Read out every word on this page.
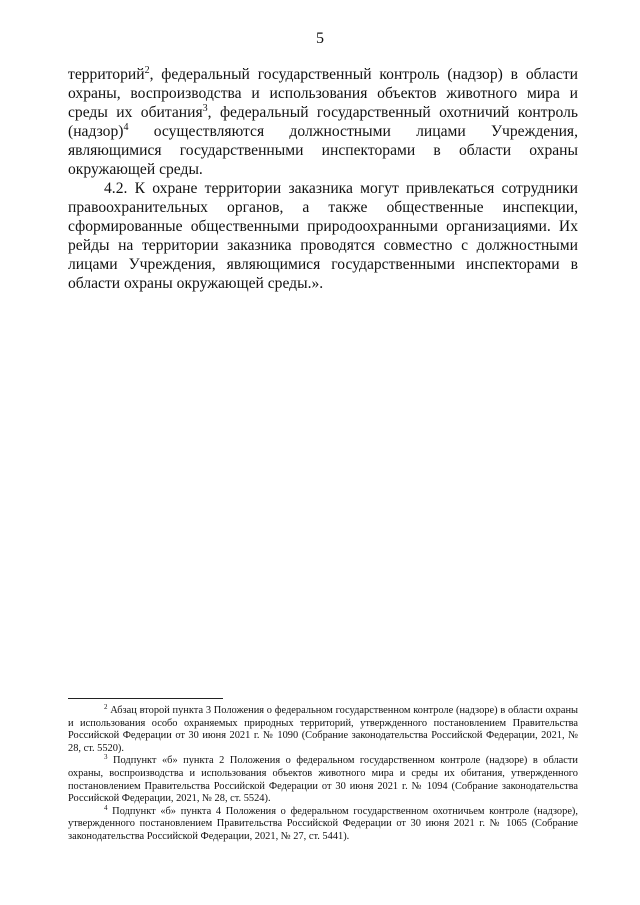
5

территорий$^2$, федеральный государственный контроль (надзор) в области охраны, воспроизводства и использования объектов животного мира и среды их обитания$^3$, федеральный государственный охотничий контроль (надзор)$^4$ осуществляются должностными лицами Учреждения, являющимися государственными инспекторами в области охраны окружающей среды.

4.2. К охране территории заказника могут привлекаться сотрудники правоохранительных органов, а также общественные инспекции, сформированные общественными природоохранными организациями. Их рейды на территории заказника проводятся совместно с должностными лицами Учреждения, являющимися государственными инспекторами в области охраны окружающей среды.».

$^2$ Абзац второй пункта 3 Положения о федеральном государственном контроле (надзоре) в области охраны и использования особо охраняемых природных территорий, утвержденного постановлением Правительства Российской Федерации от 30 июня 2021 г. № 1090 (Собрание законодательства Российской Федерации, 2021, № 28, ст. 5520).

$^3$ Подпункт «б» пункта 2 Положения о федеральном государственном контроле (надзоре) в области охраны, воспроизводства и использования объектов животного мира и среды их обитания, утвержденного постановлением Правительства Российской Федерации от 30 июня 2021 г. № 1094 (Собрание законодательства Российской Федерации, 2021, № 28, ст. 5524).

$^4$ Подпункт «б» пункта 4 Положения о федеральном государственном охотничьем контроле (надзоре), утвержденного постановлением Правительства Российской Федерации от 30 июня 2021 г. № 1065 (Собрание законодательства Российской Федерации, 2021, № 27, ст. 5441).
